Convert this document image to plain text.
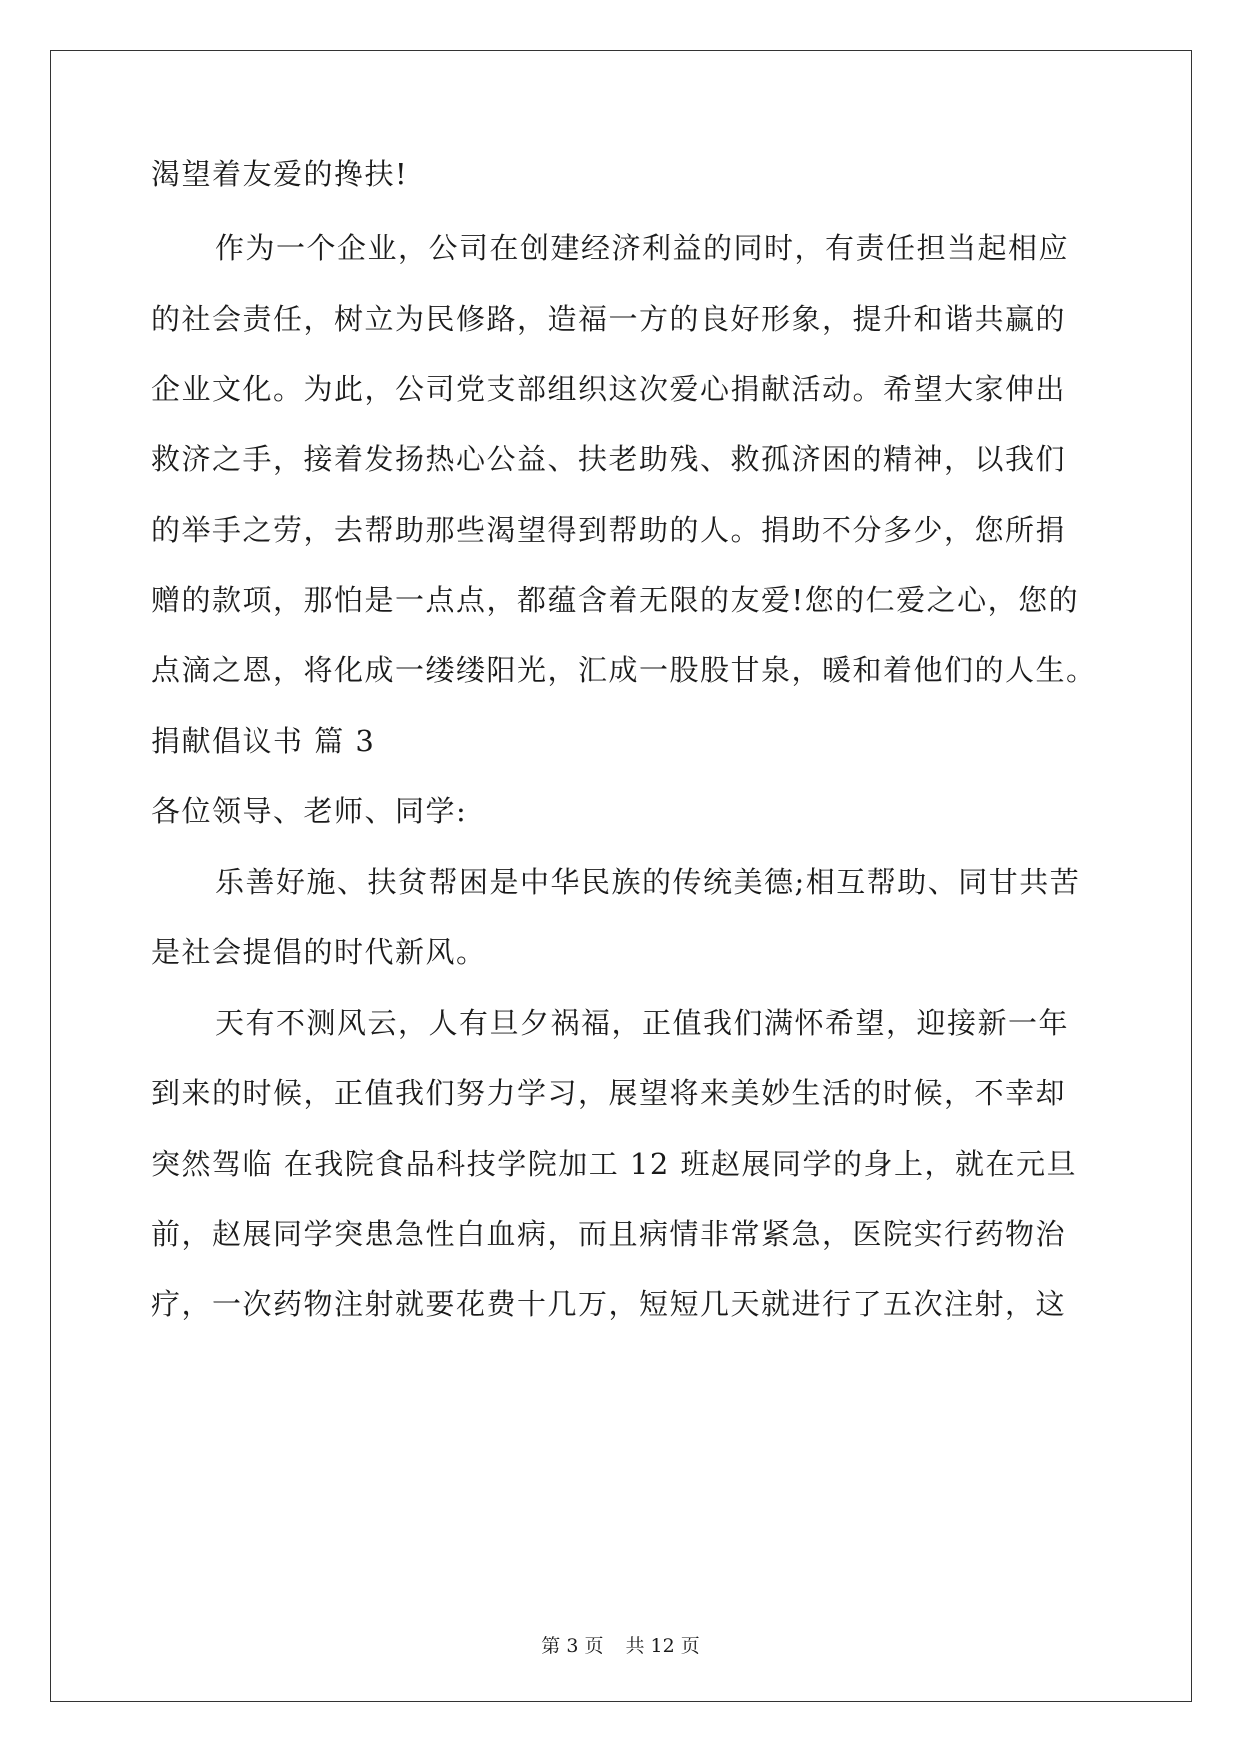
渴望着友爱的搀扶!

作为一个企业，公司在创建经济利益的同时，有责任担当起相应

的社会责任，树立为民修路，造福一方的良好形象，提升和谐共赢的

企业文化。为此，公司党支部组织这次爱心捐献活动。希望大家伸出

救济之手，接着发扬热心公益、扶老助残、救孤济困的精神，以我们

的举手之劳，去帮助那些渴望得到帮助的人。捐助不分多少，您所捐

赠的款项，那怕是一点点，都蕴含着无限的友爱!您的仁爱之心，您的

点滴之恩，将化成一缕缕阳光，汇成一股股甘泉，暖和着他们的人生。

捐献倡议书 篇 3

各位领导、老师、同学:

乐善好施、扶贫帮困是中华民族的传统美德;相互帮助、同甘共苦

是社会提倡的时代新风。

天有不测风云，人有旦夕祸福，正值我们满怀希望，迎接新一年

到来的时候，正值我们努力学习，展望将来美妙生活的时候，不幸却

突然驾临 在我院食品科技学院加工 12 班赵展同学的身上，就在元旦

前，赵展同学突患急性白血病，而且病情非常紧急，医院实行药物治

疗，一次药物注射就要花费十几万，短短几天就进行了五次注射，这

第 3 页 共 12 页
